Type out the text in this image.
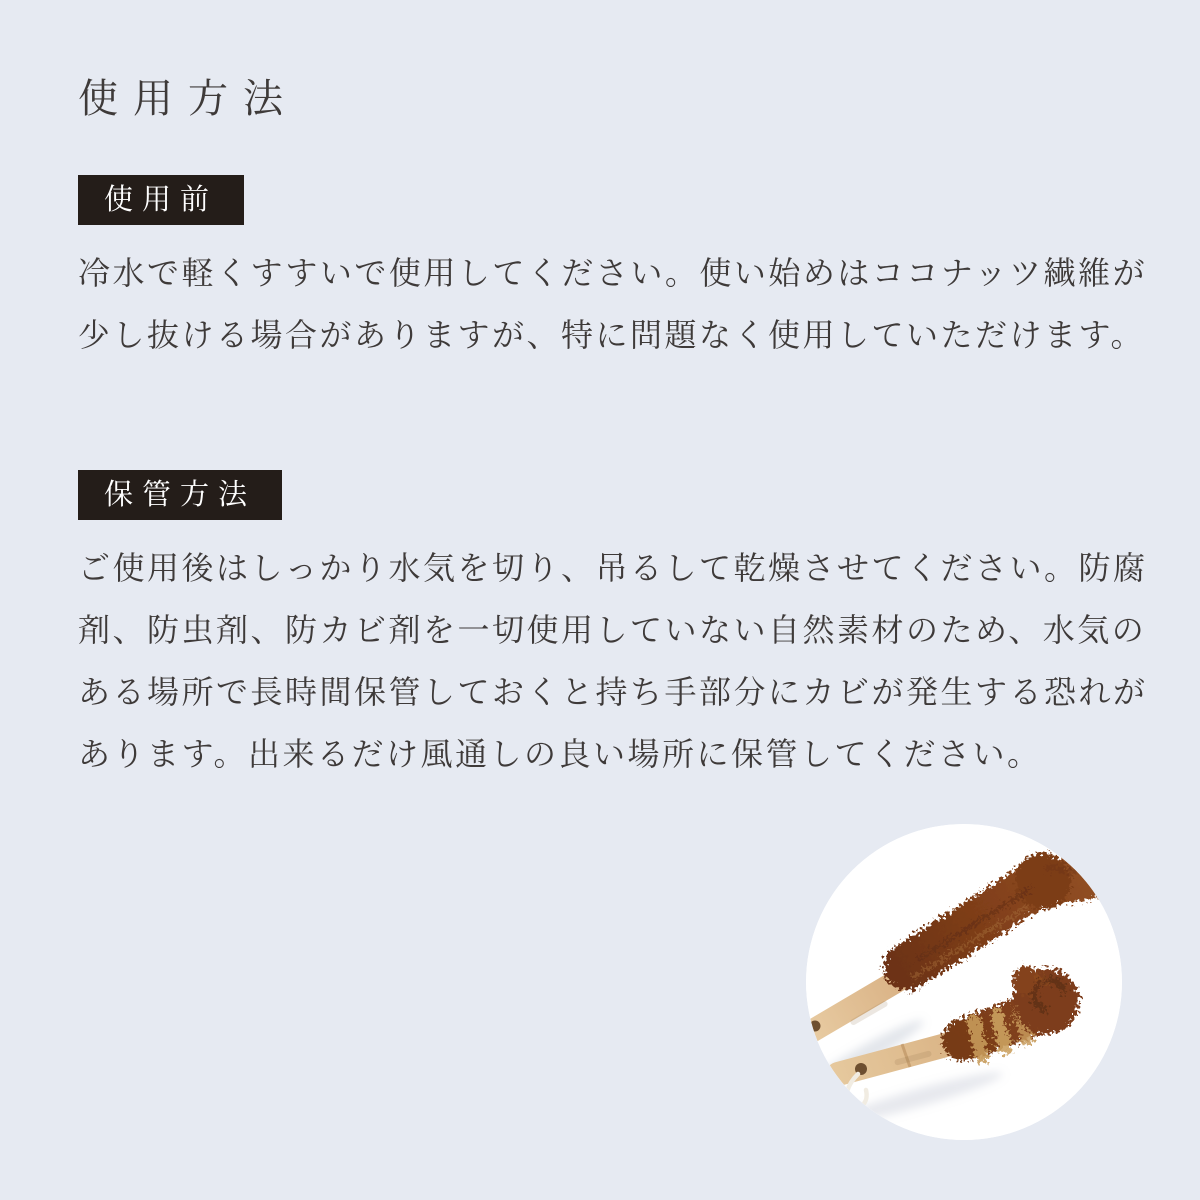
使用方法
使用前

冷水で軽くすすいで使用してください。使い始めはココナッツ繊維が
少し抜ける場合がありますが、特に問題なく使用していただけます。

保管方法

ご使用後はしっかり水気を切り、吊るして乾燥させてください。防腐
剤、防虫剤、防カビ剤を一切使用していない自然素材のため、水気の
ある場所で長時間保管しておくと持ち手部分にカビが発生する恐れが
あります。出来るだけ風通しの良い場所に保管してください。
